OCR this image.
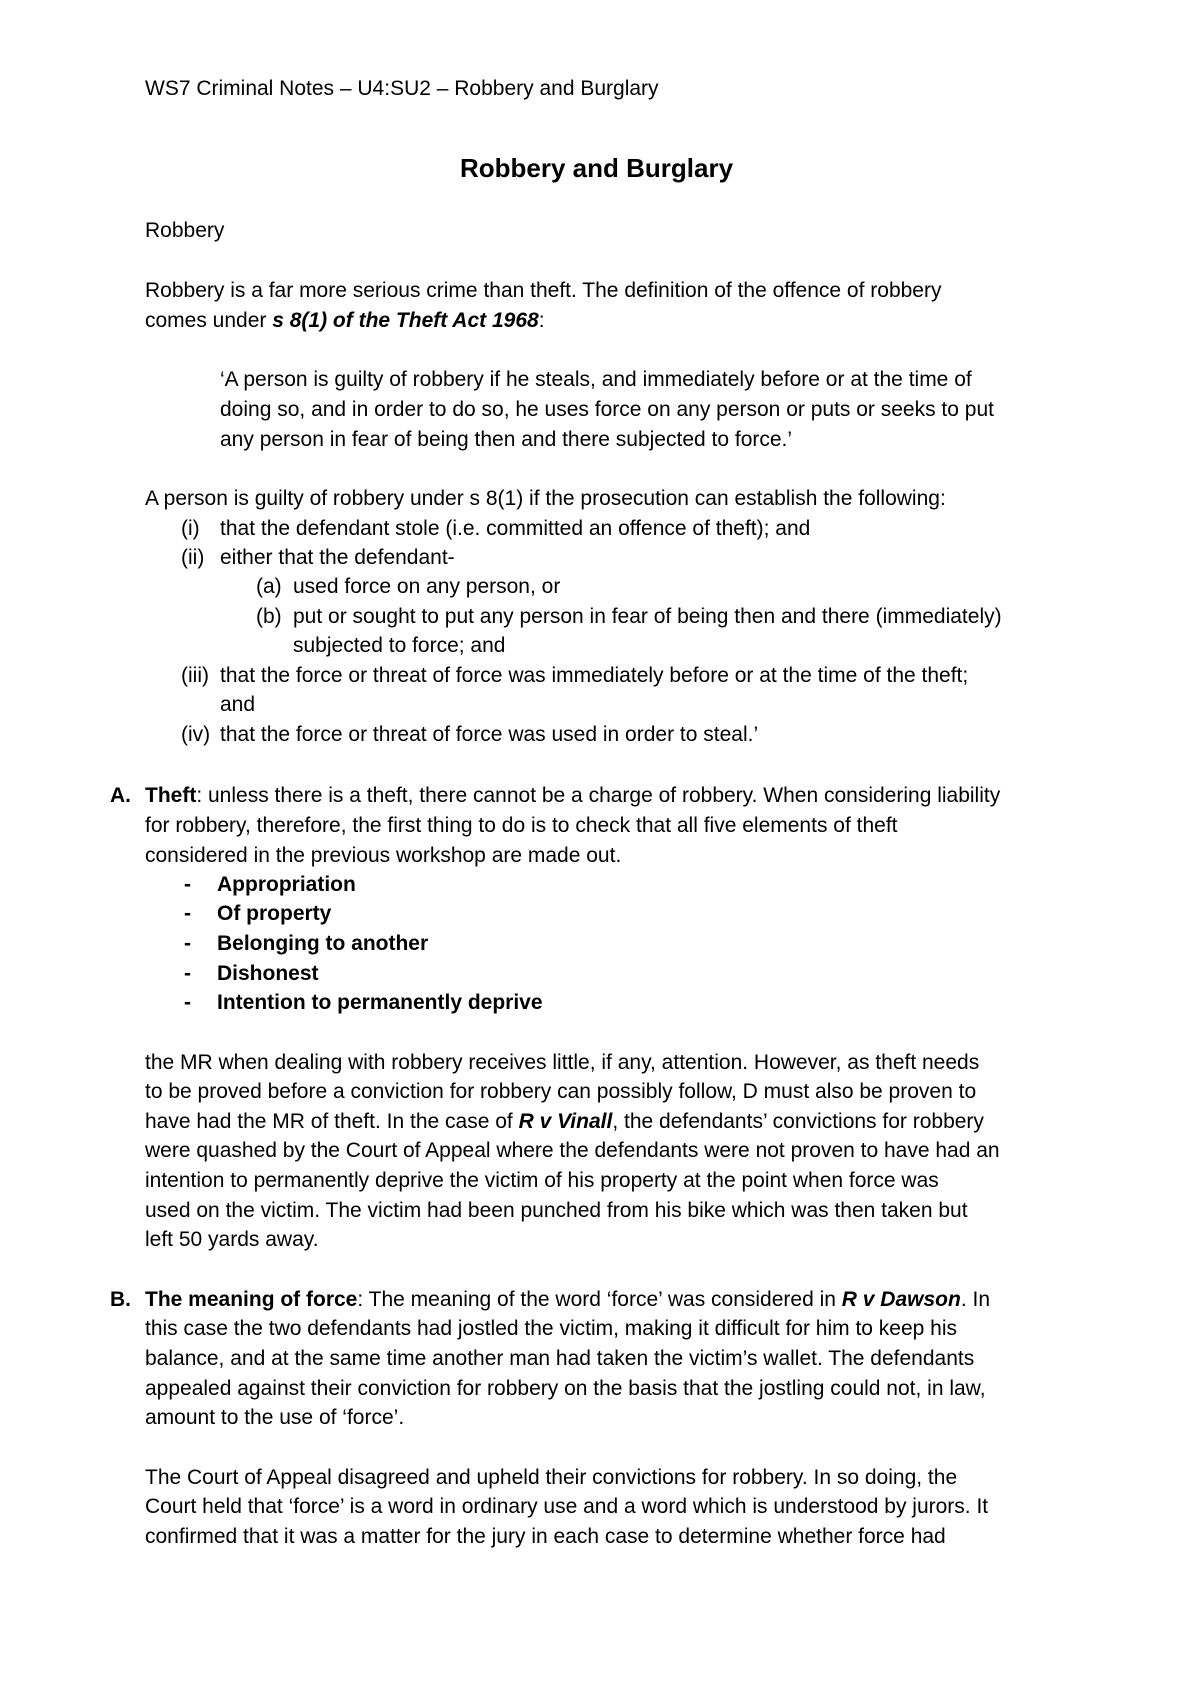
WS7 Criminal Notes – U4:SU2 – Robbery and Burglary
Robbery and Burglary
Robbery
Robbery is a far more serious crime than theft. The definition of the offence of robbery
comes under s 8(1) of the Theft Act 1968:
‘A person is guilty of robbery if he steals, and immediately before or at the time of
doing so, and in order to do so, he uses force on any person or puts or seeks to put
any person in fear of being then and there subjected to force.’
A person is guilty of robbery under s 8(1) if the prosecution can establish the following:
(i) that the defendant stole (i.e. committed an offence of theft); and
(ii) either that the defendant-
(a) used force on any person, or
(b) put or sought to put any person in fear of being then and there (immediately)
subjected to force; and
(iii) that the force or threat of force was immediately before or at the time of the theft;
and
(iv) that the force or threat of force was used in order to steal.’
A. Theft: unless there is a theft, there cannot be a charge of robbery. When considering liability
for robbery, therefore, the first thing to do is to check that all five elements of theft
considered in the previous workshop are made out.
- Appropriation
- Of property
- Belonging to another
- Dishonest
- Intention to permanently deprive
the MR when dealing with robbery receives little, if any, attention. However, as theft needs
to be proved before a conviction for robbery can possibly follow, D must also be proven to
have had the MR of theft. In the case of R v Vinall, the defendants’ convictions for robbery
were quashed by the Court of Appeal where the defendants were not proven to have had an
intention to permanently deprive the victim of his property at the point when force was
used on the victim. The victim had been punched from his bike which was then taken but
left 50 yards away.
B. The meaning of force: The meaning of the word ‘force’ was considered in R v Dawson. In
this case the two defendants had jostled the victim, making it difficult for him to keep his
balance, and at the same time another man had taken the victim’s wallet. The defendants
appealed against their conviction for robbery on the basis that the jostling could not, in law,
amount to the use of ‘force’.
The Court of Appeal disagreed and upheld their convictions for robbery. In so doing, the
Court held that ‘force’ is a word in ordinary use and a word which is understood by jurors. It
confirmed that it was a matter for the jury in each case to determine whether force had
